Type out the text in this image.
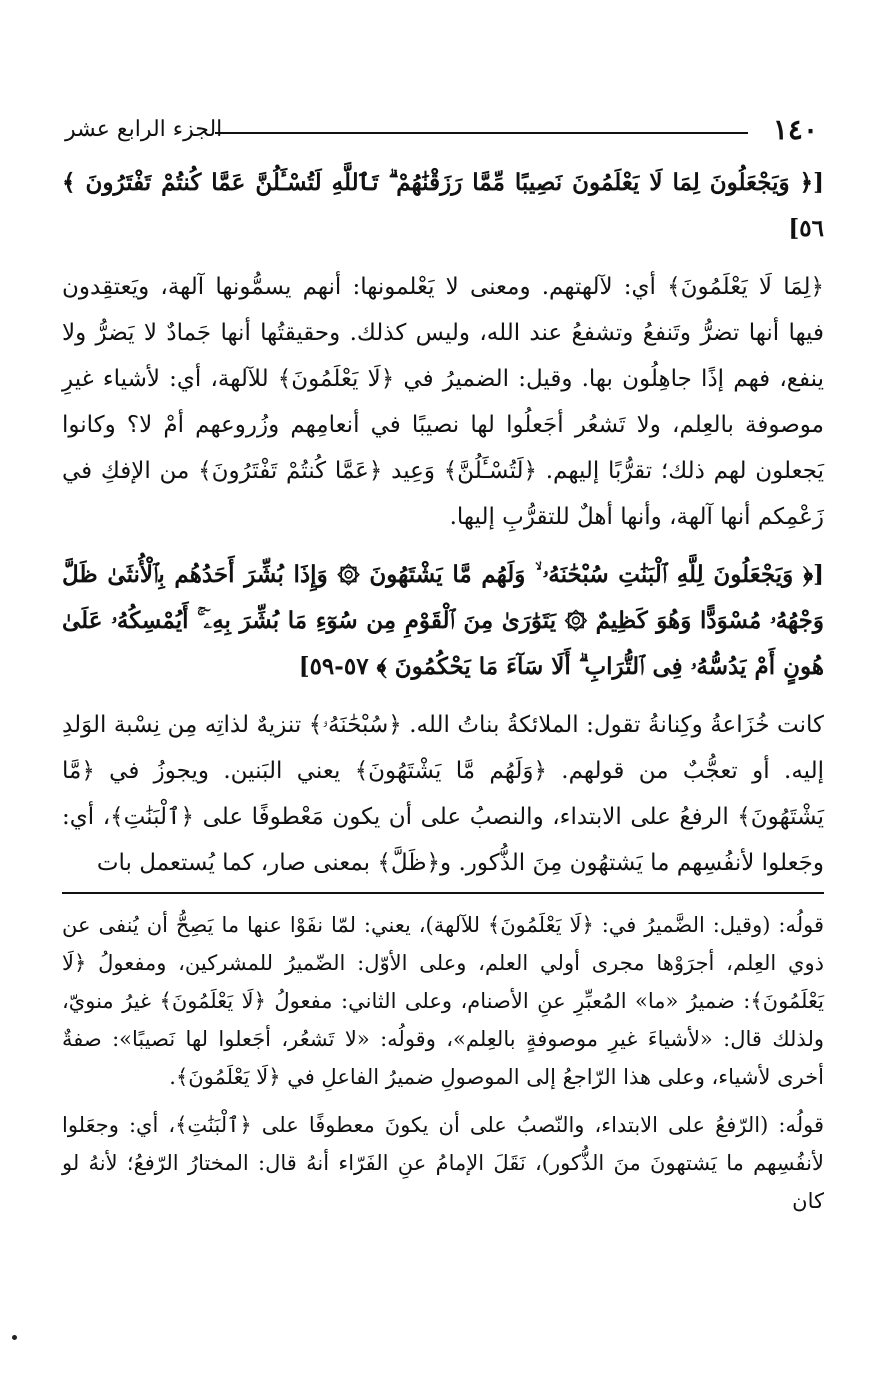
١٤٠
الجزء الرابع عشر

[﴿ وَيَجْعَلُونَ لِمَا لَا يَعْلَمُونَ نَصِيبًا مِّمَّا رَزَقْنَٰهُمْ ۗ تَٱللَّهِ لَتُسْـَٔلُنَّ عَمَّا كُنتُمْ تَفْتَرُونَ ﴾ ٥٦]

﴿لِمَا لَا يَعْلَمُونَ﴾ أي: لآلهتهم. ومعنى لا يَعْلمونها: أنهم يسمُّونها آلهة، ويَعتقِدون فيها أنها تضرُّ وتَنفعُ وتشفعُ عند الله، وليس كذلك. وحقيقتُها أنها جَمادٌ لا يَضرُّ ولا ينفع، فهم إذًا جاهِلُون بها. وقيل: الضميرُ في ﴿لَا يَعْلَمُونَ﴾ للآلهة، أي: لأشياء غيرِ موصوفة بالعِلم، ولا تَشعُر أجَعلُوا لها نصيبًا في أنعامِهم وزُروعهم أمْ لا؟ وكانوا يَجعلون لهم ذلك؛ تقرُّبًا إليهم. ﴿لَتُسْـَٔلُنَّ﴾ وَعِيد ﴿عَمَّا كُنتُمْ تَفْتَرُونَ﴾ من الإفكِ في زَعْمِكم أنها آلهة، وأنها أهلٌ للتقرُّبِ إليها.

[﴿ وَيَجْعَلُونَ لِلَّهِ ٱلْبَنَٰتِ سُبْحَٰنَهُۥ ۙ وَلَهُم مَّا يَشْتَهُونَ ۞ وَإِذَا بُشِّرَ أَحَدُهُم بِٱلْأُنثَىٰ ظَلَّ وَجْهُهُۥ مُسْوَدًّا وَهُوَ كَظِيمٌ ۞ يَتَوَٰرَىٰ مِنَ ٱلْقَوْمِ مِن سُوٓءِ مَا بُشِّرَ بِهِۦٓ ۚ أَيُمْسِكُهُۥ عَلَىٰ هُونٍ أَمْ يَدُسُّهُۥ فِى ٱلتُّرَابِ ۗ أَلَا سَآءَ مَا يَحْكُمُونَ ﴾ ٥٧-٥٩]

كانت خُزَاعةُ وكِنانةُ تقول: الملائكةُ بناتُ الله. ﴿سُبْحَٰنَهُۥ﴾ تنزيهٌ لذاتِه مِن نِسْبة الوَلدِ إليه. أو تعجُّبٌ من قولهم. ﴿وَلَهُم مَّا يَشْتَهُونَ﴾ يعني البَنين. ويجوزُ في ﴿مَّا يَشْتَهُونَ﴾ الرفعُ على الابتداء، والنصبُ على أن يكون مَعْطوفًا على ﴿ٱلْبَنَٰتِ﴾، أي: وجَعلوا لأنفُسِهم ما يَشتهُون مِنَ الذُّكور. و﴿ظَلَّ﴾ بمعنى صار، كما يُستعمل بات

قولُه: (وقيل: الضَّميرُ في: ﴿لَا يَعْلَمُونَ﴾ للآلهة)، يعني: لمّا نفَوْا عنها ما يَصِحُّ أن يُنفى عن ذوي العِلم، أجرَوْها مجرى أولي العلم، وعلى الأوّل: الضّميرُ للمشركين، ومفعولُ ﴿لَا يَعْلَمُونَ﴾: ضميرُ «ما» المُعبِّرِ عنِ الأصنام، وعلى الثاني: مفعولُ ﴿لَا يَعْلَمُونَ﴾ غيرُ منويّ، ولذلك قال: «لأشياءَ غيرِ موصوفةٍ بالعِلم»، وقولُه: «لا تَشعُر، أجَعلوا لها نَصيبًا»: صفةٌ أخرى لأشياء، وعلى هذا الرّاجعُ إلى الموصولِ ضميرُ الفاعلِ في ﴿لَا يَعْلَمُونَ﴾.

قولُه: (الرّفعُ على الابتداء، والنّصبُ على أن يكونَ معطوفًا على ﴿ٱلْبَنَٰتِ﴾، أي: وجعَلوا لأنفُسِهم ما يَشتهونَ منَ الذُّكور)، نَقَلَ الإمامُ عنِ الفَرّاء أنهُ قال: المختارُ الرّفعُ؛ لأنهُ لو كان
